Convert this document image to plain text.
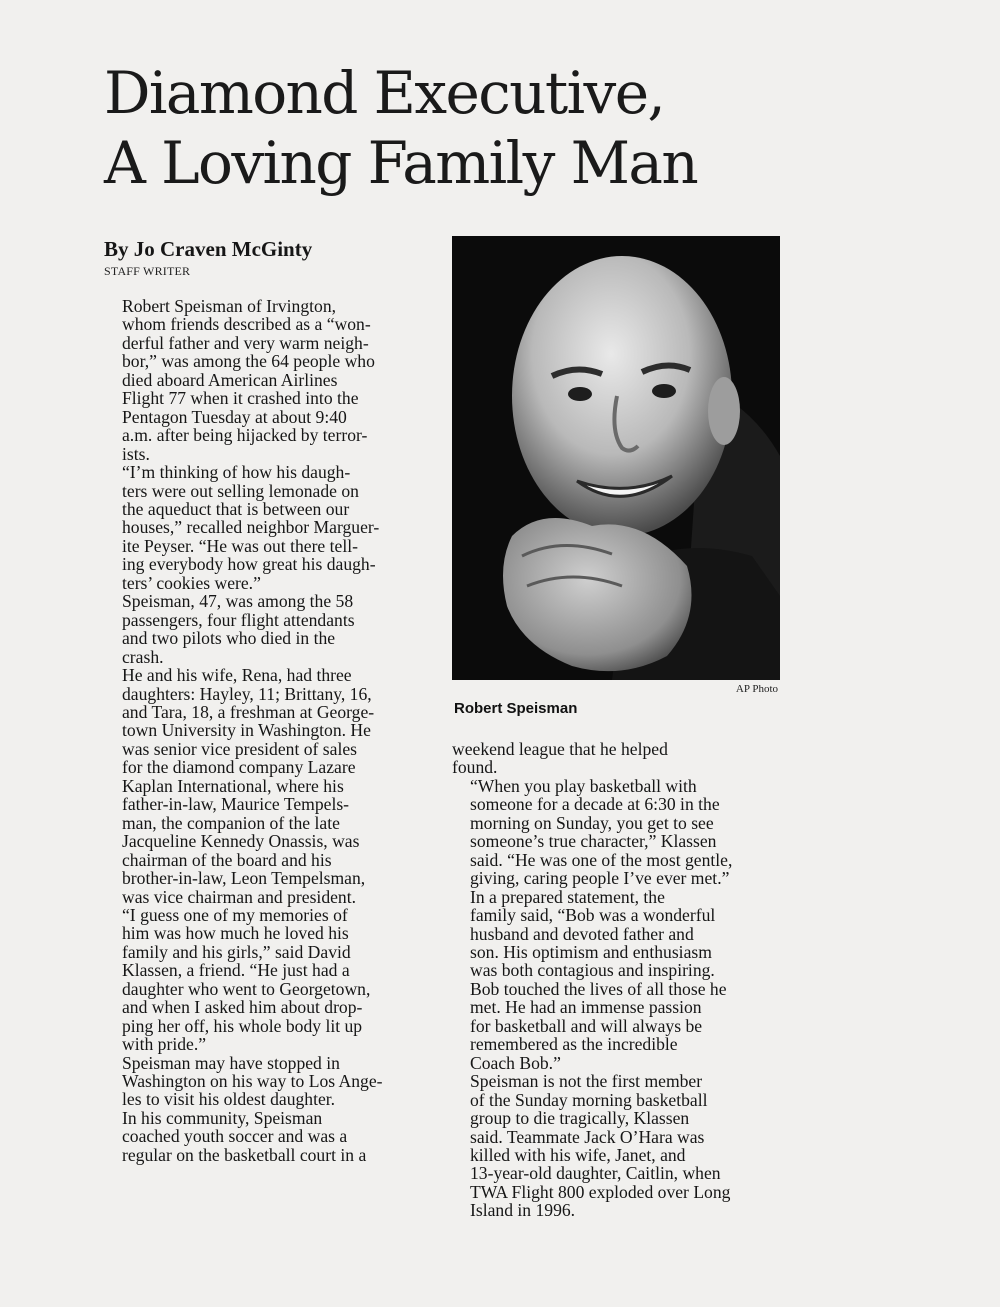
Diamond Executive,
A Loving Family Man
By Jo Craven McGinty
STAFF WRITER

Robert Speisman of Irvington,
whom friends described as a “won-
derful father and very warm neigh-
bor,” was among the 64 people who
died aboard American Airlines
Flight 77 when it crashed into the
Pentagon Tuesday at about 9:40
a.m. after being hijacked by terror-
ists.

“I’m thinking of how his daugh-
ters were out selling lemonade on
the aqueduct that is between our
houses,” recalled neighbor Marguer-
ite Peyser. “He was out there tell-
ing everybody how great his daugh-
ters’ cookies were.”

Speisman, 47, was among the 58
passengers, four flight attendants
and two pilots who died in the
crash.

He and his wife, Rena, had three
daughters: Hayley, 11; Brittany, 16,
and Tara, 18, a freshman at George-
town University in Washington. He
was senior vice president of sales
for the diamond company Lazare
Kaplan International, where his
father-in-law, Maurice Tempels-
man, the companion of the late
Jacqueline Kennedy Onassis, was
chairman of the board and his
brother-in-law, Leon Tempelsman,
was vice chairman and president.

“I guess one of my memories of
him was how much he loved his
family and his girls,” said David
Klassen, a friend. “He just had a
daughter who went to Georgetown,
and when I asked him about drop-
ping her off, his whole body lit up
with pride.”

Speisman may have stopped in
Washington on his way to Los Ange-
les to visit his oldest daughter.

In his community, Speisman
coached youth soccer and was a
regular on the basketball court in a

AP Photo
Robert Speisman

weekend league that he helped
found.

“When you play basketball with
someone for a decade at 6:30 in the
morning on Sunday, you get to see
someone’s true character,” Klassen
said. “He was one of the most gentle,
giving, caring people I’ve ever met.”

In a prepared statement, the
family said, “Bob was a wonderful
husband and devoted father and
son. His optimism and enthusiasm
was both contagious and inspiring.
Bob touched the lives of all those he
met. He had an immense passion
for basketball and will always be
remembered as the incredible
Coach Bob.”

Speisman is not the first member
of the Sunday morning basketball
group to die tragically, Klassen
said. Teammate Jack O’Hara was
killed with his wife, Janet, and
13-year-old daughter, Caitlin, when
TWA Flight 800 exploded over Long
Island in 1996.
